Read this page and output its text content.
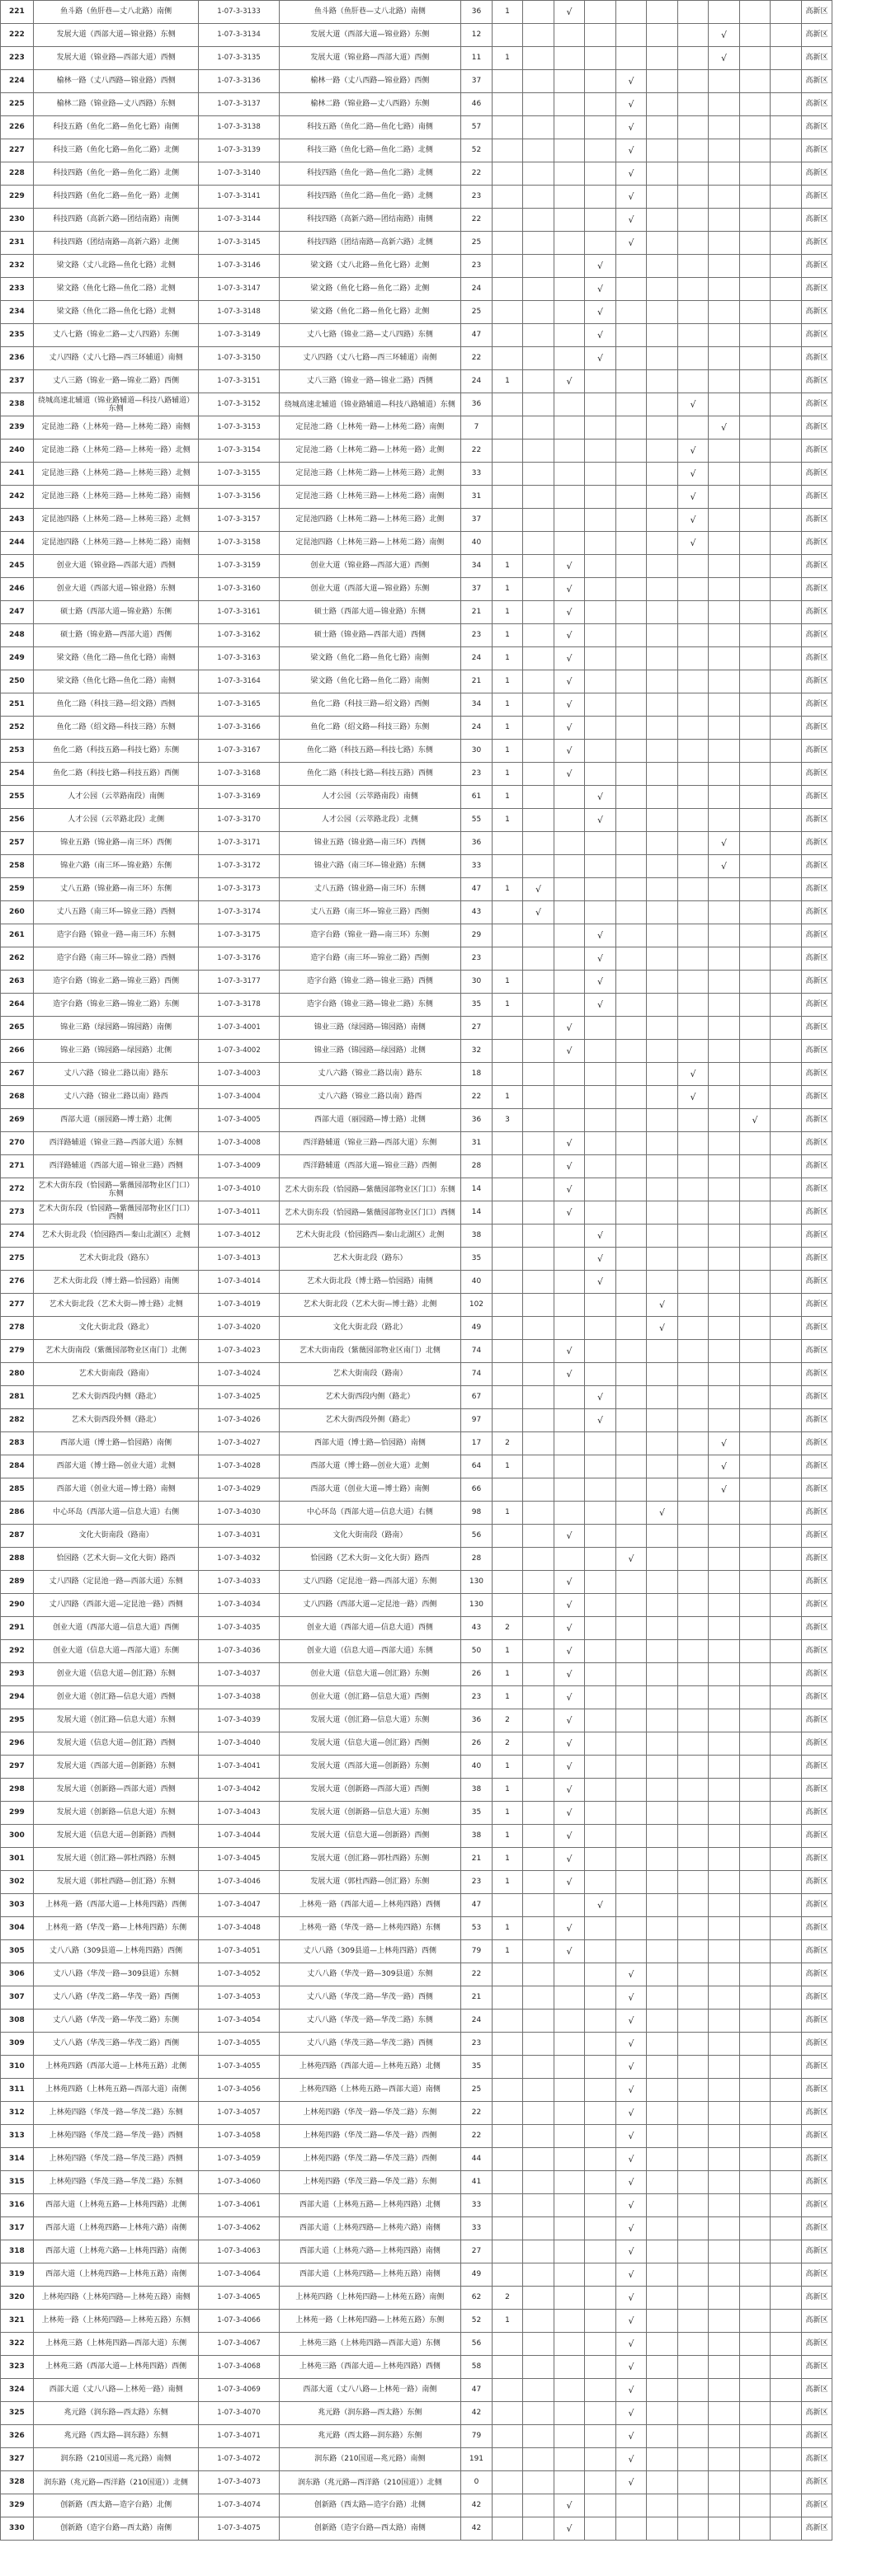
221	鱼斗路（鱼肝巷—丈八北路）南侧	1-07-3-3133	鱼斗路（鱼肝巷—丈八北路）南侧	36	1		√								高新区
222	发展大道（西部大道—锦业路）东侧	1-07-3-3134	发展大道（西部大道—锦业路）东侧	12								√			高新区
223	发展大道（锦业路—西部大道）西侧	1-07-3-3135	发展大道（锦业路—西部大道）西侧	11	1							√			高新区
224	榆林一路（丈八西路—锦业路）西侧	1-07-3-3136	榆林一路（丈八西路—锦业路）西侧	37					√						高新区
225	榆林二路（锦业路—丈八西路）东侧	1-07-3-3137	榆林二路（锦业路—丈八西路）东侧	46					√						高新区
226	科技五路（鱼化二路—鱼化七路）南侧	1-07-3-3138	科技五路（鱼化二路—鱼化七路）南侧	57					√						高新区
227	科技三路（鱼化七路—鱼化二路）北侧	1-07-3-3139	科技三路（鱼化七路—鱼化二路）北侧	52					√						高新区
228	科技四路（鱼化一路—鱼化二路）北侧	1-07-3-3140	科技四路（鱼化一路—鱼化二路）北侧	22					√						高新区
229	科技四路（鱼化二路—鱼化一路）北侧	1-07-3-3141	科技四路（鱼化二路—鱼化一路）北侧	23					√						高新区
230	科技四路（高新六路—团结南路）南侧	1-07-3-3144	科技四路（高新六路—团结南路）南侧	22					√						高新区
231	科技四路（团结南路—高新六路）北侧	1-07-3-3145	科技四路（团结南路—高新六路）北侧	25					√						高新区
232	梁文路（丈八北路—鱼化七路）北侧	1-07-3-3146	梁文路（丈八北路—鱼化七路）北侧	23				√							高新区
233	梁文路（鱼化七路—鱼化二路）北侧	1-07-3-3147	梁文路（鱼化七路—鱼化二路）北侧	24				√							高新区
234	梁文路（鱼化二路—鱼化七路）北侧	1-07-3-3148	梁文路（鱼化二路—鱼化七路）北侧	25				√							高新区
235	丈八七路（锦业二路—丈八四路）东侧	1-07-3-3149	丈八七路（锦业二路—丈八四路）东侧	47				√							高新区
236	丈八四路（丈八七路—西三环辅道）南侧	1-07-3-3150	丈八四路（丈八七路—西三环辅道）南侧	22				√							高新区
237	丈八三路（锦业一路—锦业二路）西侧	1-07-3-3151	丈八三路（锦业一路—锦业二路）西侧	24	1		√								高新区
238	绕城高速北辅道（锦业路辅道—科技八路辅道）东侧	1-07-3-3152	绕城高速北辅道（锦业路辅道—科技八路辅道）东侧	36							√				高新区
239	定昆池二路（上林苑一路—上林苑二路）南侧	1-07-3-3153	定昆池二路（上林苑一路—上林苑二路）南侧	7								√			高新区
240	定昆池二路（上林苑二路—上林苑一路）北侧	1-07-3-3154	定昆池二路（上林苑二路—上林苑一路）北侧	22							√				高新区
241	定昆池三路（上林苑二路—上林苑三路）北侧	1-07-3-3155	定昆池三路（上林苑二路—上林苑三路）北侧	33							√				高新区
242	定昆池三路（上林苑三路—上林苑二路）南侧	1-07-3-3156	定昆池三路（上林苑三路—上林苑二路）南侧	31							√				高新区
243	定昆池四路（上林苑二路—上林苑三路）北侧	1-07-3-3157	定昆池四路（上林苑二路—上林苑三路）北侧	37							√				高新区
244	定昆池四路（上林苑三路—上林苑二路）南侧	1-07-3-3158	定昆池四路（上林苑三路—上林苑二路）南侧	40							√				高新区
245	创业大道（锦业路—西部大道）西侧	1-07-3-3159	创业大道（锦业路—西部大道）西侧	34	1		√								高新区
246	创业大道（西部大道—锦业路）东侧	1-07-3-3160	创业大道（西部大道—锦业路）东侧	37	1		√								高新区
247	硕士路（西部大道—锦业路）东侧	1-07-3-3161	硕士路（西部大道—锦业路）东侧	21	1		√								高新区
248	硕士路（锦业路—西部大道）西侧	1-07-3-3162	硕士路（锦业路—西部大道）西侧	23	1		√								高新区
249	梁文路（鱼化二路—鱼化七路）南侧	1-07-3-3163	梁文路（鱼化二路—鱼化七路）南侧	24	1		√								高新区
250	梁文路（鱼化七路—鱼化二路）南侧	1-07-3-3164	梁文路（鱼化七路—鱼化二路）南侧	21	1		√								高新区
251	鱼化二路（科技三路—绍文路）西侧	1-07-3-3165	鱼化二路（科技三路—绍文路）西侧	34	1		√								高新区
252	鱼化二路（绍文路—科技三路）东侧	1-07-3-3166	鱼化二路（绍文路—科技三路）东侧	24	1		√								高新区
253	鱼化二路（科技五路—科技七路）东侧	1-07-3-3167	鱼化二路（科技五路—科技七路）东侧	30	1		√								高新区
254	鱼化二路（科技七路—科技五路）西侧	1-07-3-3168	鱼化二路（科技七路—科技五路）西侧	23	1		√								高新区
255	人才公园（云萃路南段）南侧	1-07-3-3169	人才公园（云萃路南段）南侧	61	1			√							高新区
256	人才公园（云萃路北段）北侧	1-07-3-3170	人才公园（云萃路北段）北侧	55	1			√							高新区
257	锦业五路（锦业路—南三环）西侧	1-07-3-3171	锦业五路（锦业路—南三环）西侧	36								√			高新区
258	锦业六路（南三环—锦业路）东侧	1-07-3-3172	锦业六路（南三环—锦业路）东侧	33								√			高新区
259	丈八五路（锦业路—南三环）东侧	1-07-3-3173	丈八五路（锦业路—南三环）东侧	47	1	√									高新区
260	丈八五路（南三环—锦业三路）西侧	1-07-3-3174	丈八五路（南三环—锦业三路）西侧	43		√									高新区
261	造字台路（锦业一路—南三环）东侧	1-07-3-3175	造字台路（锦业一路—南三环）东侧	29				√							高新区
262	造字台路（南三环—锦业二路）西侧	1-07-3-3176	造字台路（南三环—锦业二路）西侧	23				√							高新区
263	造字台路（锦业二路—锦业三路）西侧	1-07-3-3177	造字台路（锦业二路—锦业三路）西侧	30	1			√							高新区
264	造字台路（锦业三路—锦业二路）东侧	1-07-3-3178	造字台路（锦业三路—锦业二路）东侧	35	1			√							高新区
265	锦业三路（绿园路—锦园路）南侧	1-07-3-4001	锦业三路（绿园路—锦园路）南侧	27			√								高新区
266	锦业三路（锦园路—绿园路）北侧	1-07-3-4002	锦业三路（锦园路—绿园路）北侧	32			√								高新区
267	丈八六路（锦业二路以南）路东	1-07-3-4003	丈八六路（锦业二路以南）路东	18							√				高新区
268	丈八六路（锦业二路以南）路西	1-07-3-4004	丈八六路（锦业二路以南）路西	22	1						√				高新区
269	西部大道（丽园路—博士路）北侧	1-07-3-4005	西部大道（丽园路—博士路）北侧	36	3								√		高新区
270	西洋路辅道（锦业三路—西部大道）东侧	1-07-3-4008	西洋路辅道（锦业三路—西部大道）东侧	31			√								高新区
271	西洋路辅道（西部大道—锦业三路）西侧	1-07-3-4009	西洋路辅道（西部大道—锦业三路）西侧	28			√								高新区
272	艺术大街东段（恰园路—紫薇园部物业区门口）东侧	1-07-3-4010	艺术大街东段（恰园路—紫薇园部物业区门口）东侧	14			√								高新区
273	艺术大街东段（恰园路—紫薇园部物业区门口）西侧	1-07-3-4011	艺术大街东段（恰园路—紫薇园部物业区门口）西侧	14			√								高新区
274	艺术大街北段（恰园路西—秦山北湖区）北侧	1-07-3-4012	艺术大街北段（恰园路西—秦山北湖区）北侧	38				√							高新区
275	艺术大街北段（路东）	1-07-3-4013	艺术大街北段（路东）	35				√							高新区
276	艺术大街北段（博士路—恰园路）南侧	1-07-3-4014	艺术大街北段（博士路—恰园路）南侧	40				√							高新区
277	艺术大街北段（艺术大街—博士路）北侧	1-07-3-4019	艺术大街北段（艺术大街—博士路）北侧	102						√					高新区
278	文化大街北段（路北）	1-07-3-4020	文化大街北段（路北）	49						√					高新区
279	艺术大街南段（紫薇园部物业区南门）北侧	1-07-3-4023	艺术大街南段（紫薇园部物业区南门）北侧	74			√								高新区
280	艺术大街南段（路南）	1-07-3-4024	艺术大街南段（路南）	74			√								高新区
281	艺术大街西段内侧（路北）	1-07-3-4025	艺术大街西段内侧（路北）	67				√							高新区
282	艺术大街西段外侧（路北）	1-07-3-4026	艺术大街西段外侧（路北）	97				√							高新区
283	西部大道（博士路—恰园路）南侧	1-07-3-4027	西部大道（博士路—恰园路）南侧	17	2							√			高新区
284	西部大道（博士路—创业大道）北侧	1-07-3-4028	西部大道（博士路—创业大道）北侧	64	1							√			高新区
285	西部大道（创业大道—博士路）南侧	1-07-3-4029	西部大道（创业大道—博士路）南侧	66								√			高新区
286	中心环岛（西部大道—信息大道）右侧	1-07-3-4030	中心环岛（西部大道—信息大道）右侧	98	1					√					高新区
287	文化大街南段（路南）	1-07-3-4031	文化大街南段（路南）	56			√								高新区
288	恰园路（艺术大街—文化大街）路西	1-07-3-4032	恰园路（艺术大街—文化大街）路西	28					√						高新区
289	丈八四路（定昆池一路—西部大道）东侧	1-07-3-4033	丈八四路（定昆池一路—西部大道）东侧	130			√								高新区
290	丈八四路（西部大道—定昆池一路）西侧	1-07-3-4034	丈八四路（西部大道—定昆池一路）西侧	130			√								高新区
291	创业大道（西部大道—信息大道）西侧	1-07-3-4035	创业大道（西部大道—信息大道）西侧	43	2		√								高新区
292	创业大道（信息大道—西部大道）东侧	1-07-3-4036	创业大道（信息大道—西部大道）东侧	50	1		√								高新区
293	创业大道（信息大道—创汇路）东侧	1-07-3-4037	创业大道（信息大道—创汇路）东侧	26	1		√								高新区
294	创业大道（创汇路—信息大道）西侧	1-07-3-4038	创业大道（创汇路—信息大道）西侧	23	1		√								高新区
295	发展大道（创汇路—信息大道）东侧	1-07-3-4039	发展大道（创汇路—信息大道）东侧	36	2		√								高新区
296	发展大道（信息大道—创汇路）西侧	1-07-3-4040	发展大道（信息大道—创汇路）西侧	26	2		√								高新区
297	发展大道（西部大道—创新路）东侧	1-07-3-4041	发展大道（西部大道—创新路）东侧	40	1		√								高新区
298	发展大道（创新路—西部大道）西侧	1-07-3-4042	发展大道（创新路—西部大道）西侧	38	1		√								高新区
299	发展大道（创新路—信息大道）东侧	1-07-3-4043	发展大道（创新路—信息大道）东侧	35	1		√								高新区
300	发展大道（信息大道—创新路）西侧	1-07-3-4044	发展大道（信息大道—创新路）西侧	38	1		√								高新区
301	发展大道（创汇路—郭杜西路）东侧	1-07-3-4045	发展大道（创汇路—郭杜西路）东侧	21	1		√								高新区
302	发展大道（郭杜西路—创汇路）东侧	1-07-3-4046	发展大道（郭杜西路—创汇路）东侧	23	1		√								高新区
303	上林苑一路（西部大道—上林苑四路）西侧	1-07-3-4047	上林苑一路（西部大道—上林苑四路）西侧	47				√							高新区
304	上林苑一路（华茂一路—上林苑四路）东侧	1-07-3-4048	上林苑一路（华茂一路—上林苑四路）东侧	53	1		√								高新区
305	丈八八路（309县道—上林苑四路）西侧	1-07-3-4051	丈八八路（309县道—上林苑四路）西侧	79	1		√								高新区
306	丈八八路（华茂一路—309县道）东侧	1-07-3-4052	丈八八路（华茂一路—309县道）东侧	22					√						高新区
307	丈八八路（华茂二路—华茂一路）西侧	1-07-3-4053	丈八八路（华茂二路—华茂一路）西侧	21					√						高新区
308	丈八八路（华茂一路—华茂二路）东侧	1-07-3-4054	丈八八路（华茂一路—华茂二路）东侧	24					√						高新区
309	丈八八路（华茂三路—华茂二路）西侧	1-07-3-4055	丈八八路（华茂三路—华茂二路）西侧	23					√						高新区
310	上林苑四路（西部大道—上林苑五路）北侧	1-07-3-4055	上林苑四路（西部大道—上林苑五路）北侧	35					√						高新区
311	上林苑四路（上林苑五路—西部大道）南侧	1-07-3-4056	上林苑四路（上林苑五路—西部大道）南侧	25					√						高新区
312	上林苑四路（华茂一路—华茂二路）东侧	1-07-3-4057	上林苑四路（华茂一路—华茂二路）东侧	22					√						高新区
313	上林苑四路（华茂二路—华茂一路）西侧	1-07-3-4058	上林苑四路（华茂二路—华茂一路）西侧	22					√						高新区
314	上林苑四路（华茂二路—华茂三路）西侧	1-07-3-4059	上林苑四路（华茂二路—华茂三路）西侧	44					√						高新区
315	上林苑四路（华茂三路—华茂二路）东侧	1-07-3-4060	上林苑四路（华茂三路—华茂二路）东侧	41					√						高新区
316	西部大道（上林苑五路—上林苑四路）北侧	1-07-3-4061	西部大道（上林苑五路—上林苑四路）北侧	33					√						高新区
317	西部大道（上林苑四路—上林苑六路）南侧	1-07-3-4062	西部大道（上林苑四路—上林苑六路）南侧	33					√						高新区
318	西部大道（上林苑六路—上林苑四路）南侧	1-07-3-4063	西部大道（上林苑六路—上林苑四路）南侧	27					√						高新区
319	西部大道（上林苑四路—上林苑五路）南侧	1-07-3-4064	西部大道（上林苑四路—上林苑五路）南侧	49					√						高新区
320	上林苑四路（上林苑四路—上林苑五路）南侧	1-07-3-4065	上林苑四路（上林苑四路—上林苑五路）南侧	62	2				√						高新区
321	上林苑一路（上林苑四路—上林苑五路）东侧	1-07-3-4066	上林苑一路（上林苑四路—上林苑五路）东侧	52	1				√						高新区
322	上林苑三路（上林苑四路—西部大道）东侧	1-07-3-4067	上林苑三路（上林苑四路—西部大道）东侧	56					√						高新区
323	上林苑三路（西部大道—上林苑四路）西侧	1-07-3-4068	上林苑三路（西部大道—上林苑四路）西侧	58					√						高新区
324	西部大道（丈八八路—上林苑一路）南侧	1-07-3-4069	西部大道（丈八八路—上林苑一路）南侧	47					√						高新区
325	兆元路（润东路—西太路）东侧	1-07-3-4070	兆元路（润东路—西太路）东侧	42					√						高新区
326	兆元路（西太路—润东路）东侧	1-07-3-4071	兆元路（西太路—润东路）东侧	79					√						高新区
327	润东路（210国道—兆元路）南侧	1-07-3-4072	润东路（210国道—兆元路）南侧	191					√						高新区
328	润东路（兆元路—西洋路（210国道））北侧	1-07-3-4073	润东路（兆元路—西洋路（210国道））北侧	0					√						高新区
329	创新路（西太路—造字台路）北侧	1-07-3-4074	创新路（西太路—造字台路）北侧	42			√								高新区
330	创新路（造字台路—西太路）南侧	1-07-3-4075	创新路（造字台路—西太路）南侧	42			√								高新区
